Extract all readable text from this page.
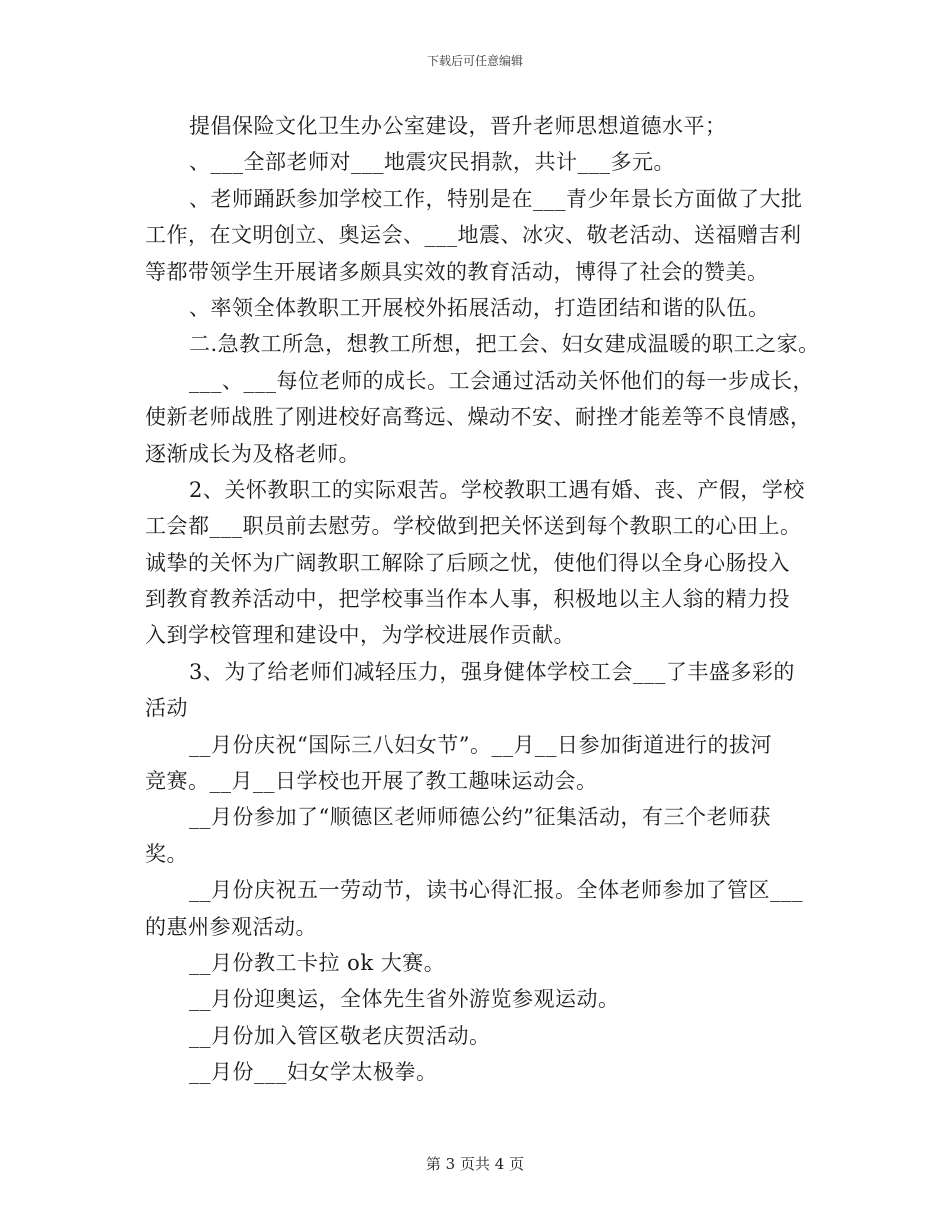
下载后可任意编辑
提倡保险文化卫生办公室建设，晋升老师思想道德水平；
、___全部老师对___地震灾民捐款，共计___多元。
、老师踊跃参加学校工作，特别是在___青少年景长方面做了大批
工作，在文明创立、奥运会、___地震、冰灾、敬老活动、送福赠吉利
等都带领学生开展诸多颇具实效的教育活动，博得了社会的赞美。
、率领全体教职工开展校外拓展活动，打造团结和谐的队伍。
二.急教工所急，想教工所想，把工会、妇女建成温暖的职工之家。
___、___每位老师的成长。工会通过活动关怀他们的每一步成长，
使新老师战胜了刚进校好高骛远、燥动不安、耐挫才能差等不良情感，
逐渐成长为及格老师。
2、关怀教职工的实际艰苦。学校教职工遇有婚、丧、产假，学校
工会都___职员前去慰劳。学校做到把关怀送到每个教职工的心田上。
诚挚的关怀为广阔教职工解除了后顾之忧，使他们得以全身心肠投入
到教育教养活动中，把学校事当作本人事，积极地以主人翁的精力投
入到学校管理和建设中，为学校进展作贡献。
3、为了给老师们减轻压力，强身健体学校工会___了丰盛多彩的
活动
__月份庆祝“国际三八妇女节”。__月__日参加街道进行的拔河
竞赛。__月__日学校也开展了教工趣味运动会。
__月份参加了“顺德区老师师德公约”征集活动，有三个老师获
奖。
__月份庆祝五一劳动节，读书心得汇报。全体老师参加了管区___
的惠州参观活动。
__月份教工卡拉 ok 大赛。
__月份迎奥运，全体先生省外游览参观运动。
__月份加入管区敬老庆贺活动。
__月份___妇女学太极拳。
第 3 页共 4 页
